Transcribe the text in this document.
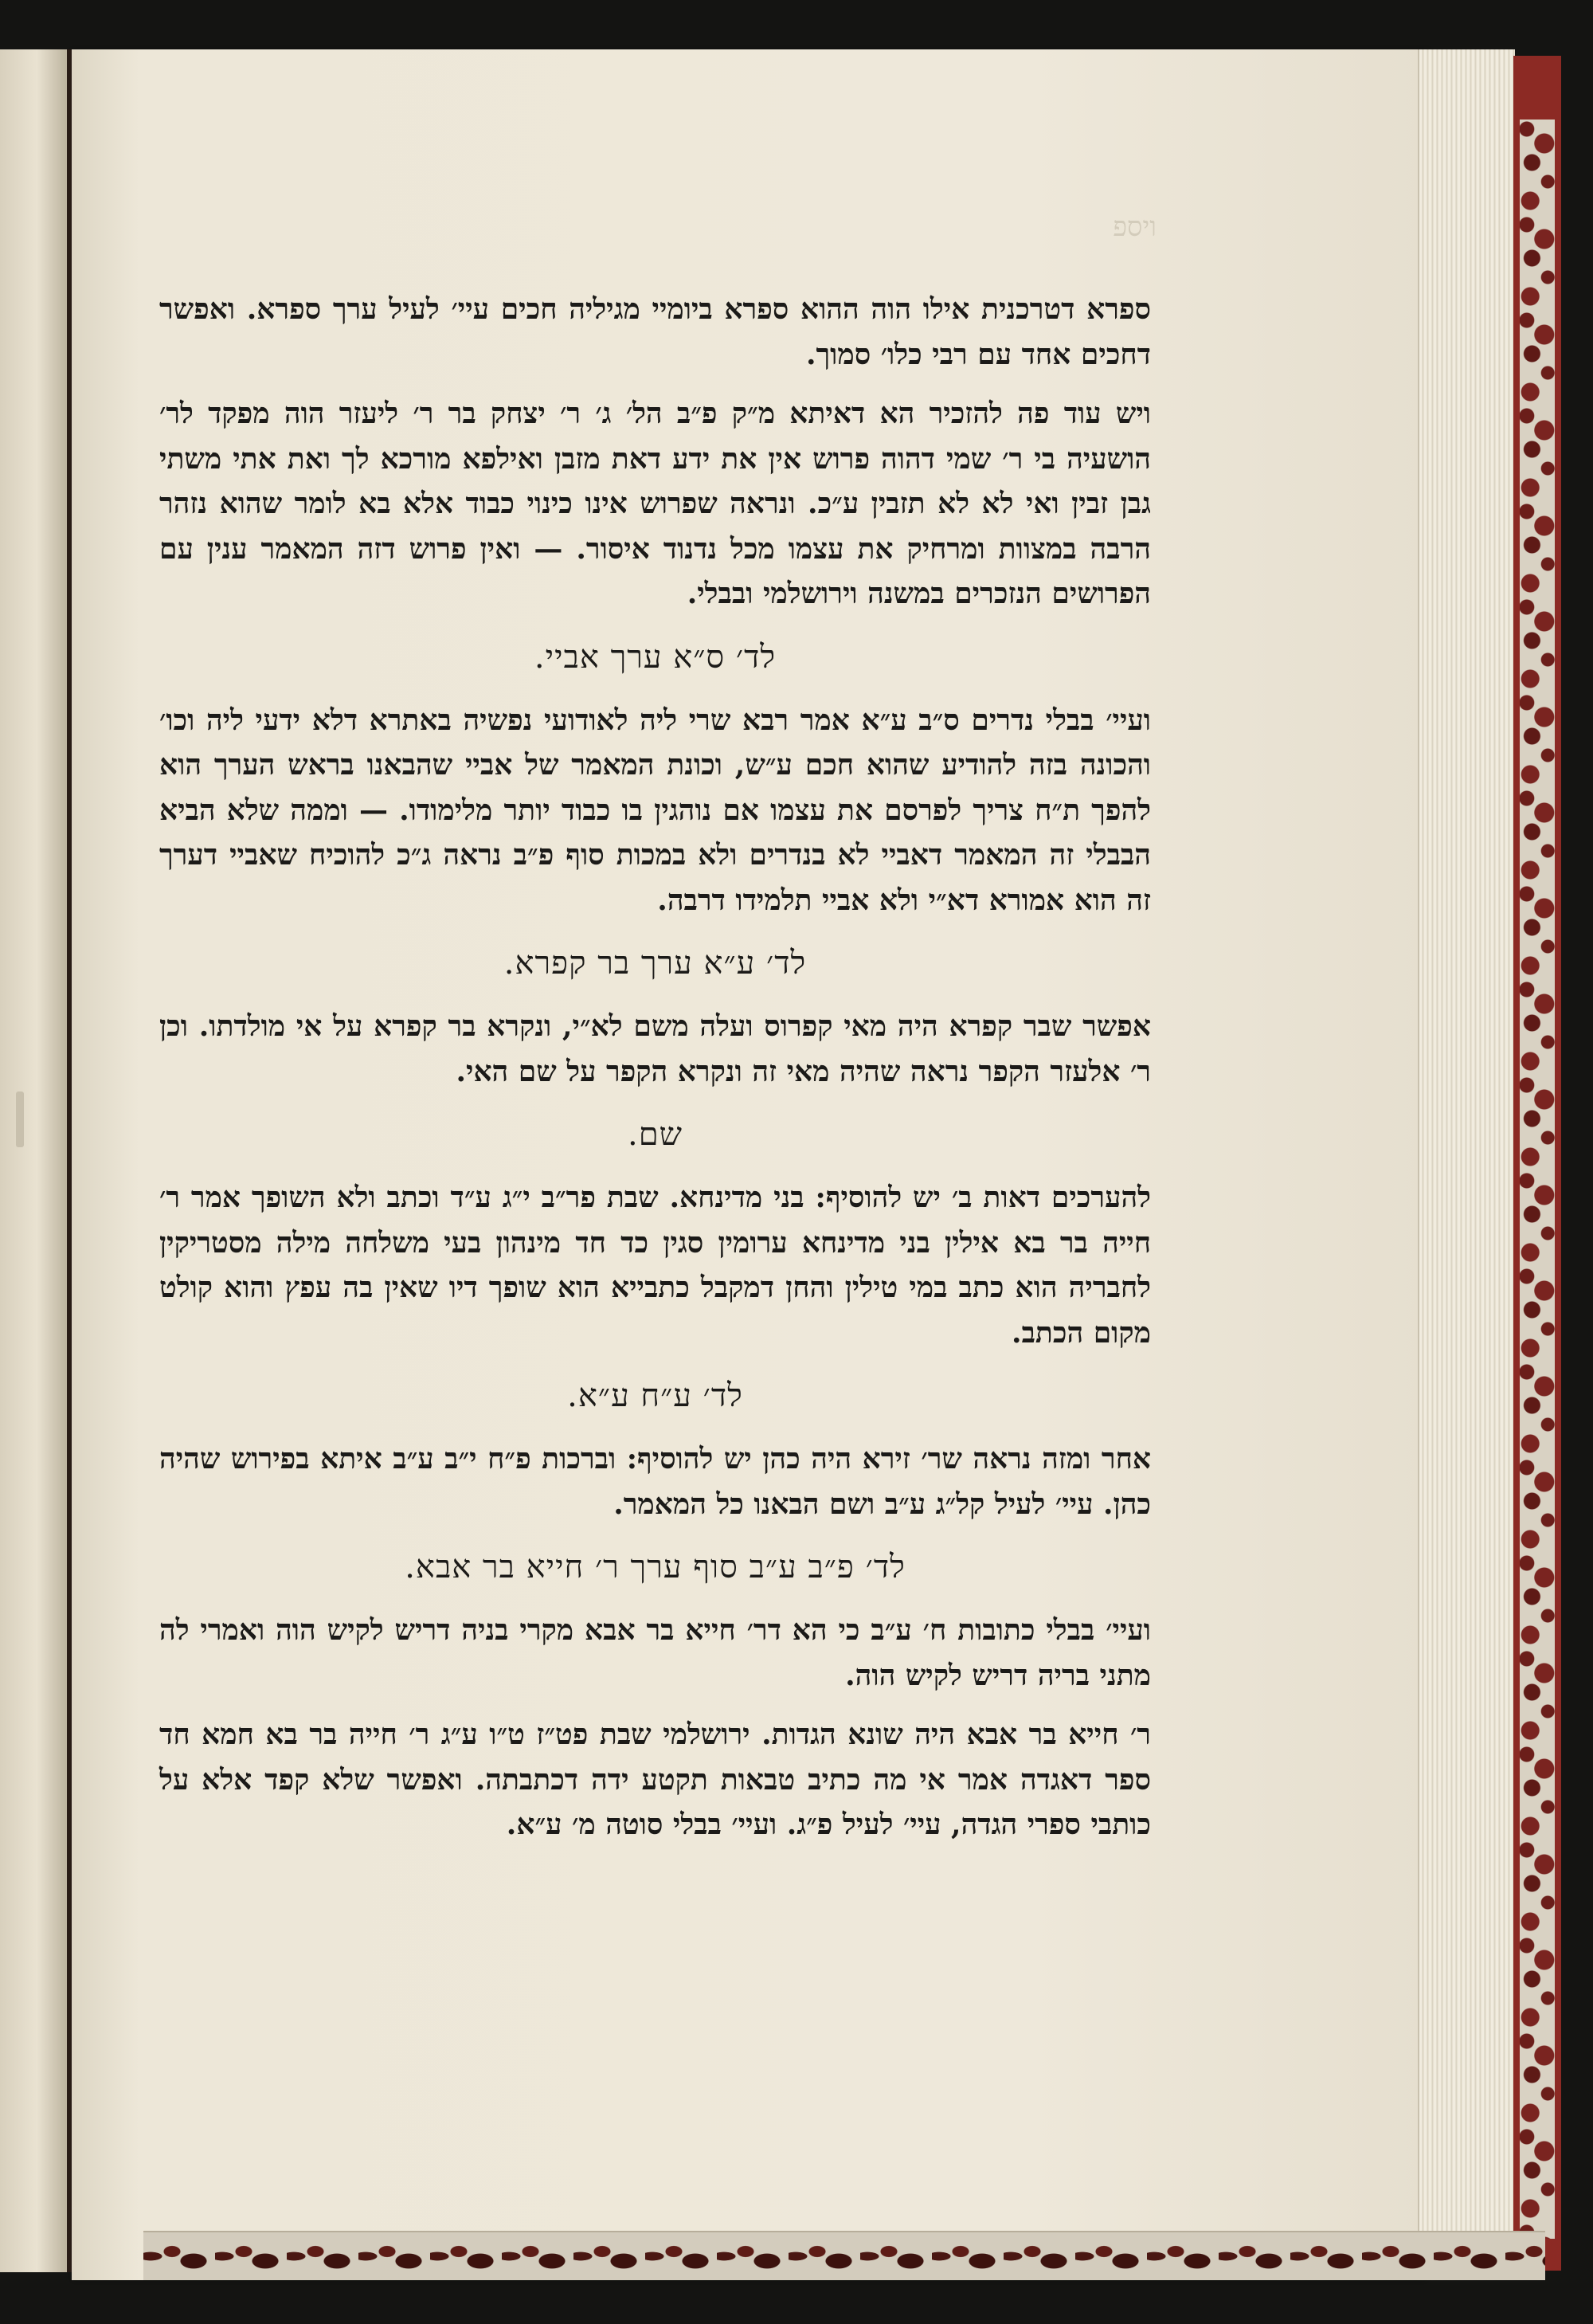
ויספ

ספרא דטרכנית אילו הוה ההוא ספרא ביומיי מגיליה חכים עיי׳ לעיל ערך ספרא. ואפשר דחכים אחד עם רבי כלו׳ סמוך.

ויש עוד פה להזכיר הא דאיתא מ״ק פ״ב הל׳ ג׳ ר׳ יצחק בר ר׳ ליעזר הוה מפקד לר׳ הושעיה בי ר׳ שמי דהוה פרוש אין את ידע דאת מזבן ואילפא מורכא לך ואת אתי משתי גבן זבין ואי לא לא תזבין ע״כ. ונראה שפרוש אינו כינוי כבוד אלא בא לומר שהוא נזהר הרבה במצוות ומרחיק את עצמו מכל נדנוד איסור. — ואין פרוש דזה המאמר ענין עם הפרושים הנזכרים במשנה וירושלמי ובבלי.

לד׳ ס״א ערך אביי.

ועיי׳ בבלי נדרים ס״ב ע״א אמר רבא שרי ליה לאודועי נפשיה באתרא דלא ידעי ליה וכו׳ והכונה בזה להודיע שהוא חכם ע״ש, וכונת המאמר של אביי שהבאנו בראש הערך הוא להפך ת״ח צריך לפרסם את עצמו אם נוהגין בו כבוד יותר מלימודו. — וממה שלא הביא הבבלי זה המאמר דאביי לא בנדרים ולא במכות סוף פ״ב נראה ג״כ להוכיח שאביי דערך זה הוא אמורא דא״י ולא אביי תלמידו דרבה.

לד׳ ע״א ערך בר קפרא.

אפשר שבר קפרא היה מאי קפרוס ועלה משם לא״י, ונקרא בר קפרא על אי מולדתו. וכן ר׳ אלעזר הקפר נראה שהיה מאי זה ונקרא הקפר על שם האי.

שם.

להערכים דאות ב׳ יש להוסיף: בני מדינחא. שבת פר״ב י״ג ע״ד וכתב ולא השופך אמר ר׳ חייה בר בא אילין בני מדינחא ערומין סגין כד חד מינהון בעי משלחה מילה מסטריקין לחבריה הוא כתב במי טילין והחן דמקבל כתבייא הוא שופך דיו שאין בה עפץ והוא קולט מקום הכתב.

לד׳ ע״ח ע״א.

אחר ומזה נראה שר׳ זירא היה כהן יש להוסיף: וברכות פ״ח י״ב ע״ב איתא בפירוש שהיה כהן. עיי׳ לעיל קל״ג ע״ב ושם הבאנו כל המאמר.

לד׳ פ״ב ע״ב סוף ערך ר׳ חייא בר אבא.

ועיי׳ בבלי כתובות ח׳ ע״ב כי הא דר׳ חייא בר אבא מקרי בניה דריש לקיש הוה ואמרי לה מתני בריה דריש לקיש הוה.

ר׳ חייא בר אבא היה שונא הגדות. ירושלמי שבת פט״ז ט״ו ע״ג ר׳ חייה בר בא חמא חד ספר דאגדה אמר אי מה כתיב טבאות תקטע ידה דכתבתה. ואפשר שלא קפד אלא על כותבי ספרי הגדה, עיי׳ לעיל פ״ג. ועיי׳ בבלי סוטה מ׳ ע״א.
